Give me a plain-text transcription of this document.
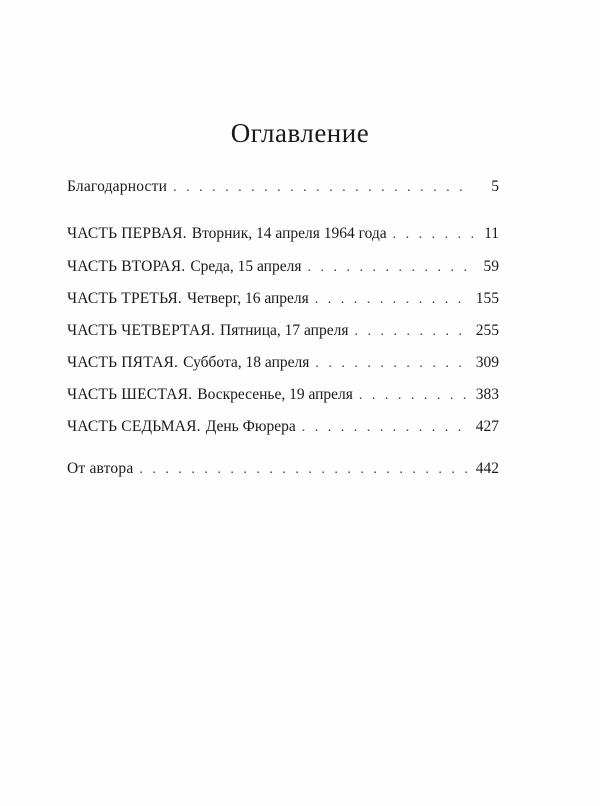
Оглавление
Благодарности . . .	5
ЧАСТЬ ПЕРВАЯ. Вторник, 14 апреля 1964 года . . .	11
ЧАСТЬ ВТОРАЯ. Среда, 15 апреля . . .	59
ЧАСТЬ ТРЕТЬЯ. Четверг, 16 апреля . . .	155
ЧАСТЬ ЧЕТВЕРТАЯ. Пятница, 17 апреля . . .	255
ЧАСТЬ ПЯТАЯ. Суббота, 18 апреля . . .	309
ЧАСТЬ ШЕСТАЯ. Воскресенье, 19 апреля . . .	383
ЧАСТЬ СЕДЬМАЯ. День Фюрера . . .	427
От автора . . .	442
